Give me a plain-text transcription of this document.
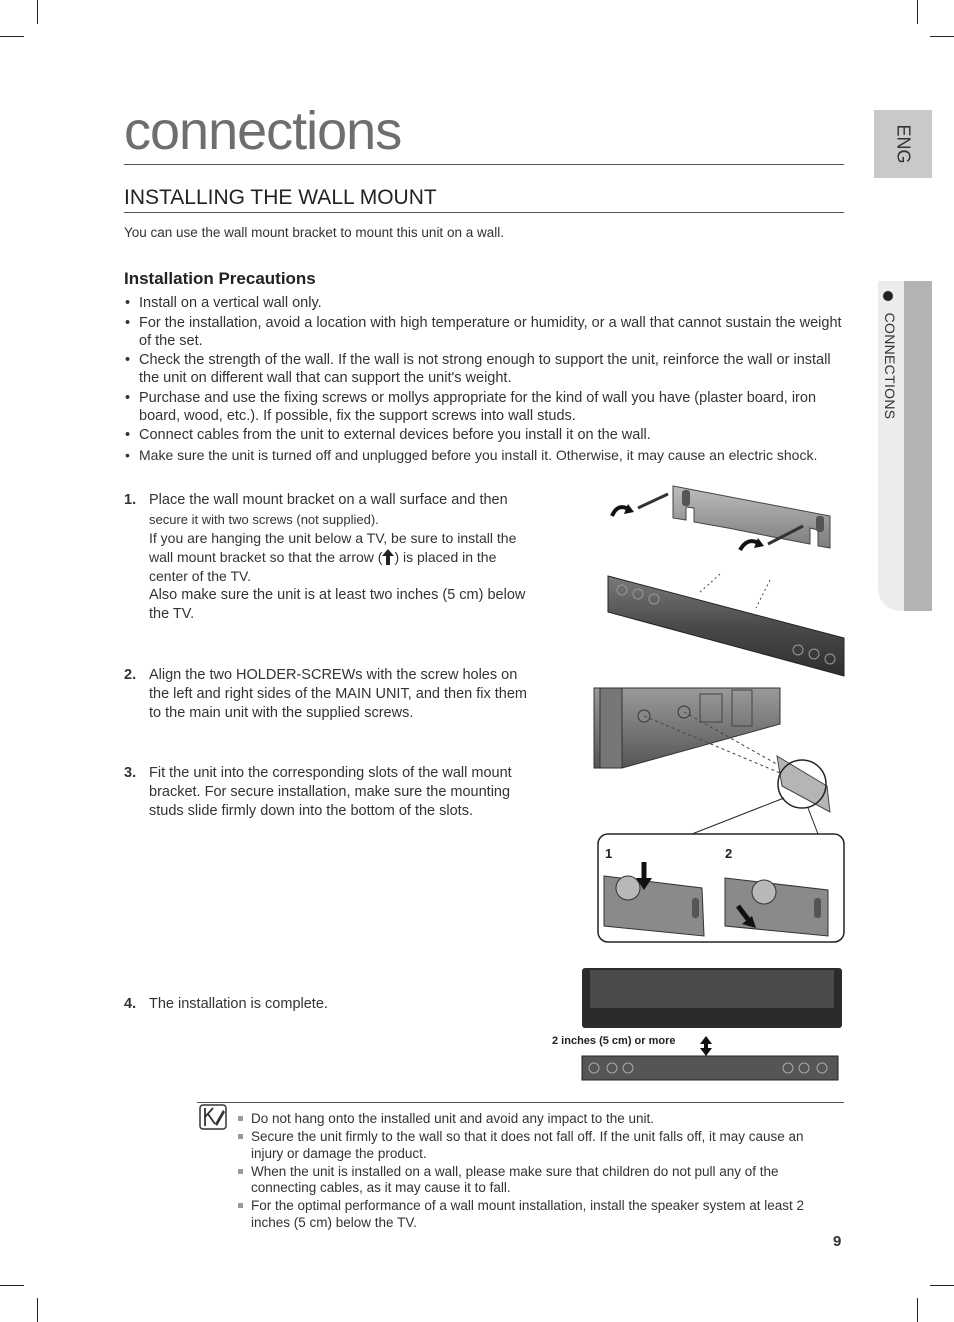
ENG
CONNECTIONS
connections
INSTALLING THE WALL MOUNT
You can use the wall mount bracket to mount this unit on a wall.
Installation Precautions
• Install on a vertical wall only.
• For the installation, avoid a location with high temperature or humidity, or a wall that cannot sustain the weight of the set.
• Check the strength of the wall. If the wall is not strong enough to support the unit, reinforce the wall or install the unit on different wall that can support the unit's weight.
• Purchase and use the fixing screws or mollys appropriate for the kind of wall you have (plaster board, iron board, wood, etc.). If possible, fix the support screws into wall studs.
• Connect cables from the unit to external devices before you install it on the wall.
• Make sure the unit is turned off and unplugged before you install it. Otherwise, it may cause an electric shock.
1. Place the wall mount bracket on a wall surface and then
secure it with two screws (not supplied).
If you are hanging the unit below a TV, be sure to install the wall mount bracket so that the arrow ( ) is placed in the center of the TV.
Also make sure the unit is at least two inches (5 cm) below the TV.
2. Align the two HOLDER-SCREWs with the screw holes on the left and right sides of the MAIN UNIT, and then fix them to the main unit with the supplied screws.
3. Fit the unit into the corresponding slots of the wall mount bracket. For secure installation, make sure the mounting studs slide firmly down into the bottom of the slots.
4. The installation is complete.
1	2
2 inches (5 cm) or more
Do not hang onto the installed unit and avoid any impact to the unit.
Secure the unit firmly to the wall so that it does not fall off. If the unit falls off, it may cause an injury or damage the product.
When the unit is installed on a wall, please make sure that children do not pull any of the connecting cables, as it may cause it to fall.
For the optimal performance of a wall mount installation, install the speaker system at least 2 inches (5 cm) below the TV.
9
